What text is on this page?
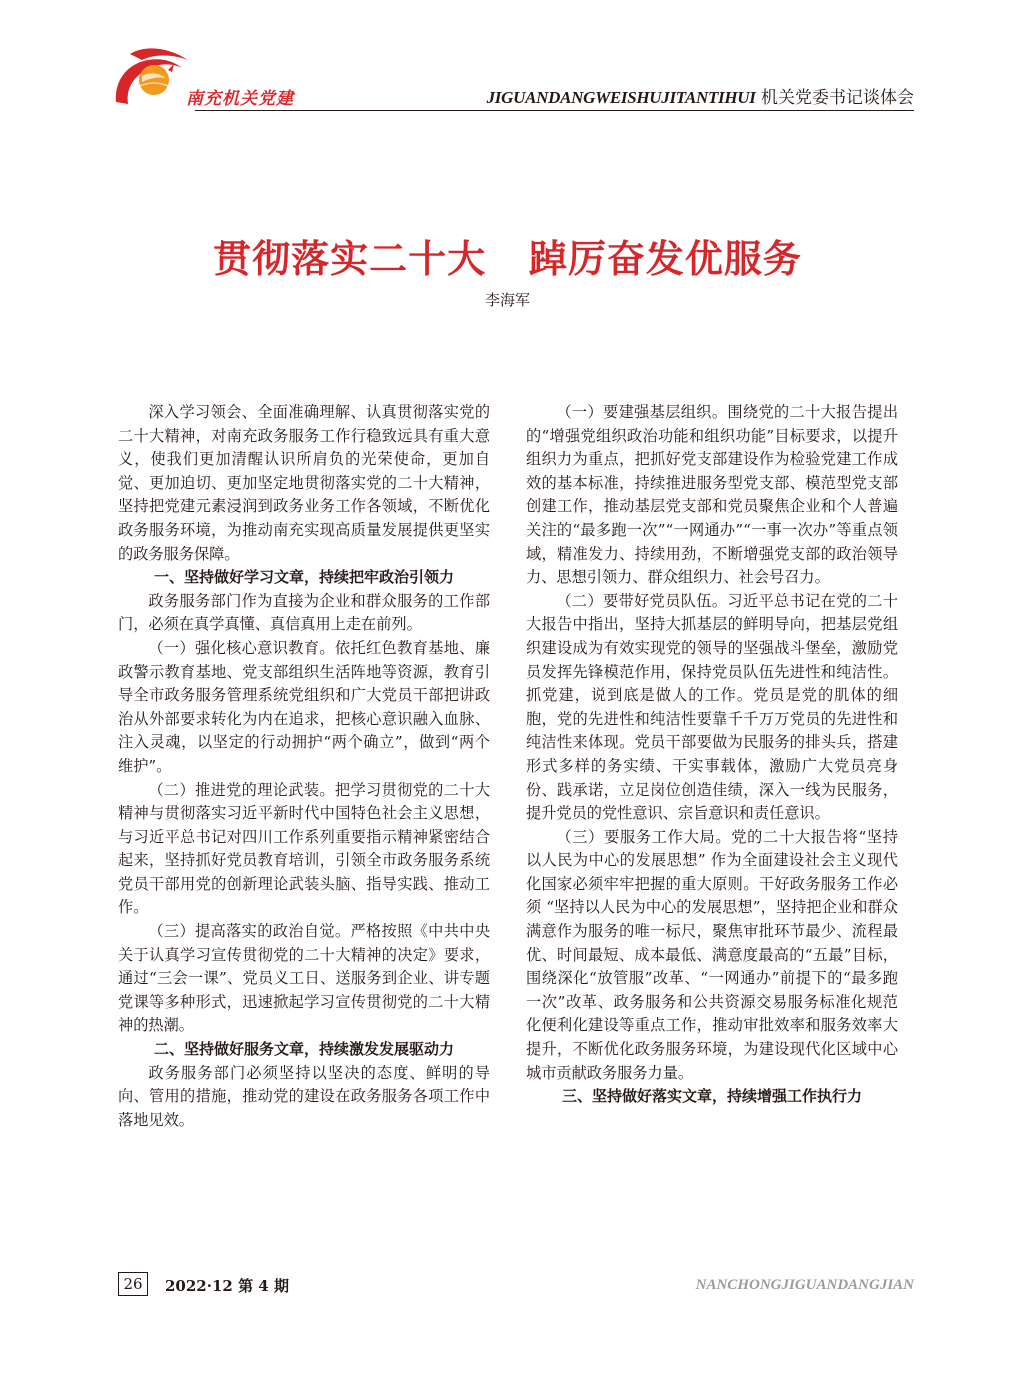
南充机关党建	JIGUANDANGWEISHUJITANTIHUI 机关党委书记谈体会
贯彻落实二十大   踔厉奋发优服务
李海军

深入学习领会、全面准确理解、认真贯彻落实党的二十大精神，对南充政务服务工作行稳致远具有重大意义，使我们更加清醒认识所肩负的光荣使命，更加自觉、更加迫切、更加坚定地贯彻落实党的二十大精神，坚持把党建元素浸润到政务业务工作各领域，不断优化政务服务环境，为推动南充实现高质量发展提供更坚实的政务服务保障。

一、坚持做好学习文章，持续把牢政治引领力

政务服务部门作为直接为企业和群众服务的工作部门，必须在真学真懂、真信真用上走在前列。

（一）强化核心意识教育。依托红色教育基地、廉政警示教育基地、党支部组织生活阵地等资源，教育引导全市政务服务管理系统党组织和广大党员干部把讲政治从外部要求转化为内在追求，把核心意识融入血脉、注入灵魂，以坚定的行动拥护“两个确立”，做到“两个维护”。

（二）推进党的理论武装。把学习贯彻党的二十大精神与贯彻落实习近平新时代中国特色社会主义思想，与习近平总书记对四川工作系列重要指示精神紧密结合起来，坚持抓好党员教育培训，引领全市政务服务系统党员干部用党的创新理论武装头脑、指导实践、推动工作。

（三）提高落实的政治自觉。严格按照《中共中央关于认真学习宣传贯彻党的二十大精神的决定》要求，通过“三会一课”、党员义工日、送服务到企业、讲专题党课等多种形式，迅速掀起学习宣传贯彻党的二十大精神的热潮。

二、坚持做好服务文章，持续激发发展驱动力

政务服务部门必须坚持以坚决的态度、鲜明的导向、管用的措施，推动党的建设在政务服务各项工作中落地见效。

（一）要建强基层组织。围绕党的二十大报告提出的“增强党组织政治功能和组织功能”目标要求，以提升组织力为重点，把抓好党支部建设作为检验党建工作成效的基本标准，持续推进服务型党支部、模范型党支部创建工作，推动基层党支部和党员聚焦企业和个人普遍关注的“最多跑一次”“一网通办”“一事一次办”等重点领域，精准发力、持续用劲，不断增强党支部的政治领导力、思想引领力、群众组织力、社会号召力。

（二）要带好党员队伍。习近平总书记在党的二十大报告中指出，坚持大抓基层的鲜明导向，把基层党组织建设成为有效实现党的领导的坚强战斗堡垒，激励党员发挥先锋模范作用，保持党员队伍先进性和纯洁性。抓党建，说到底是做人的工作。党员是党的肌体的细胞，党的先进性和纯洁性要靠千千万万党员的先进性和纯洁性来体现。党员干部要做为民服务的排头兵，搭建形式多样的务实绩、干实事载体，激励广大党员亮身份、践承诺，立足岗位创造佳绩，深入一线为民服务，提升党员的党性意识、宗旨意识和责任意识。

（三）要服务工作大局。党的二十大报告将“坚持以人民为中心的发展思想” 作为全面建设社会主义现代化国家必须牢牢把握的重大原则。干好政务服务工作必须 “坚持以人民为中心的发展思想”，坚持把企业和群众满意作为服务的唯一标尺，聚焦审批环节最少、流程最优、时间最短、成本最低、满意度最高的“五最”目标，围绕深化“放管服”改革、“一网通办”前提下的“最多跑一次”改革、政务服务和公共资源交易服务标准化规范化便利化建设等重点工作，推动审批效率和服务效率大提升，不断优化政务服务环境，为建设现代化区域中心城市贡献政务服务力量。

三、坚持做好落实文章，持续增强工作执行力
26	2022·12 第 4 期	NANCHONGJIGUANDANGJIAN
